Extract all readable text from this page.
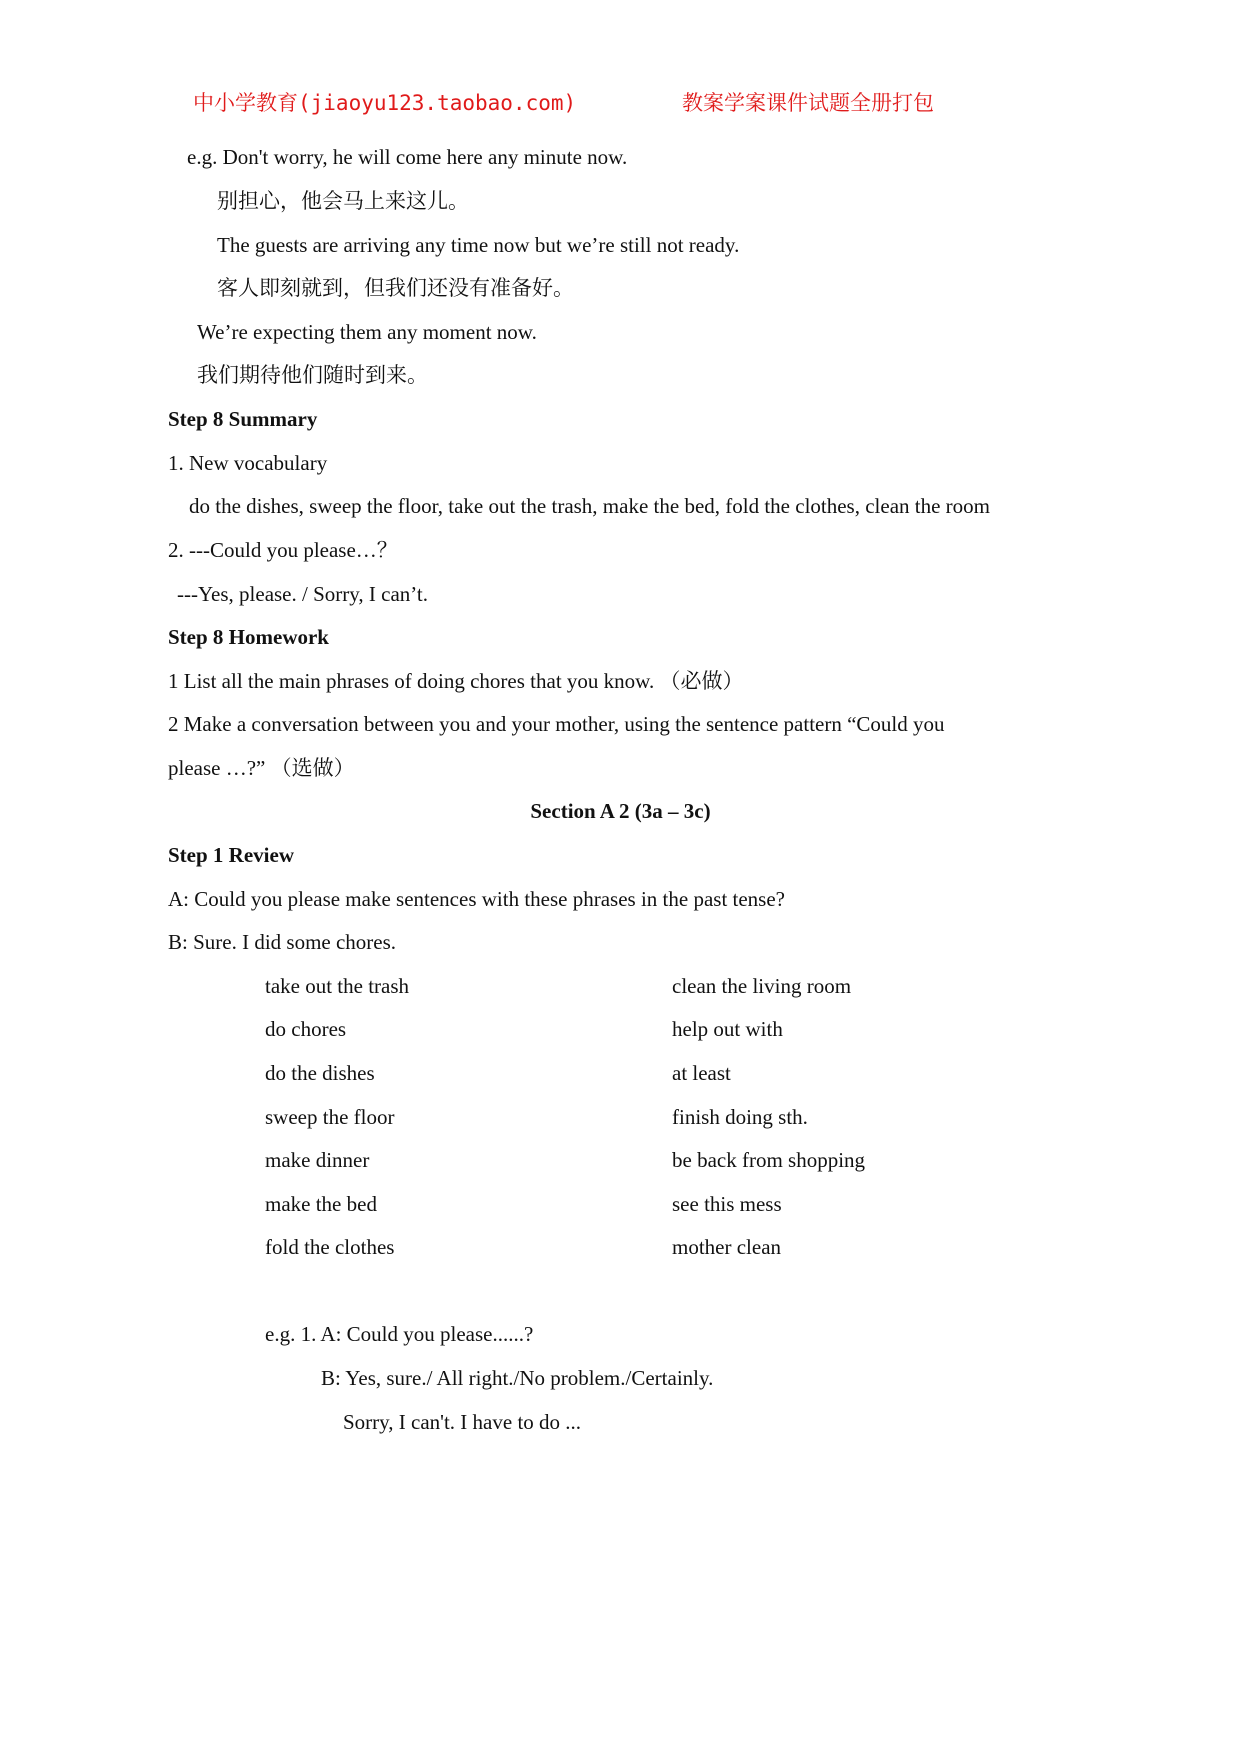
中小学教育(jiaoyu123.taobao.com)	教案学案课件试题全册打包
e.g. Don't worry, he will come here any minute now.
别担心，他会马上来这儿。
The guests are arriving any time now but we’re still not ready.
客人即刻就到，但我们还没有准备好。
We’re expecting them any moment now.
我们期待他们随时到来。
Step 8 Summary
1. New vocabulary
do the dishes, sweep the floor, take out the trash, make the bed, fold the clothes, clean the room
2. ---Could you please…？
---Yes, please. / Sorry, I can’t.
Step 8 Homework
1 List all the main phrases of doing chores that you know. （必做）
2 Make a conversation between you and your mother, using the sentence pattern “Could you
please …?” （选做）
Section A 2 (3a – 3c)
Step 1 Review
A: Could you please make sentences with these phrases in the past tense?
B: Sure. I did some chores.
take out the trash	clean the living room
do chores	help out with
do the dishes	at least
sweep the floor	finish doing sth.
make dinner	be back from shopping
make the bed	see this mess
fold the clothes	mother clean
e.g. 1. A: Could you please......?
B: Yes, sure./ All right./No problem./Certainly.
Sorry, I can't. I have to do ...
